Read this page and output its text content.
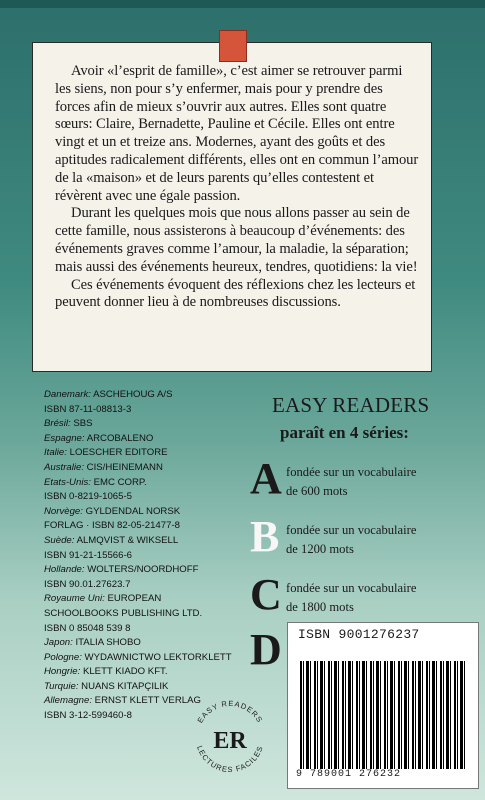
Avoir «l’esprit de famille», c’est aimer se retrouver parmi les siens, non pour s’y enfermer, mais pour y prendre des forces afin de mieux s’ouvrir aux autres. Elles sont quatre sœurs: Claire, Bernadette, Pauline et Cécile. Elles ont entre vingt et un et treize ans. Modernes, ayant des goûts et des aptitudes radicalement différents, elles ont en commun l’amour de la «maison» et de leurs parents qu’elles contestent et révèrent avec une égale passion.

Durant les quelques mois que nous allons passer au sein de cette famille, nous assisterons à beaucoup d’événements: des événements graves comme l’amour, la maladie, la séparation; mais aussi des événements heureux, tendres, quotidiens: la vie!

Ces événements évoquent des réflexions chez les lecteurs et peuvent donner lieu à de nombreuses discussions.

Danemark: ASCHEHOUG A/S
ISBN 87-11-08813-3
Brésil: SBS
Espagne: ARCOBALENO
Italie: LOESCHER EDITORE
Australie: CIS/HEINEMANN
Etats-Unis: EMC CORP.
ISBN 0-8219-1065-5
Norvège: GYLDENDAL NORSK
FORLAG · ISBN 82-05-21477-8
Suède: ALMQVIST & WIKSELL
ISBN 91-21-15566-6
Hollande: WOLTERS/NOORDHOFF
ISBN 90.01.27623.7
Royaume Uni: EUROPEAN
SCHOOLBOOKS PUBLISHING LTD.
ISBN 0 85048 539 8
Japon: ITALIA SHOBO
Pologne: WYDAWNICTWO LEKTORKLETT
Hongrie: KLETT KIADO KFT.
Turquie: NUANS KITAPÇILIK
Allemagne: ERNST KLETT VERLAG
ISBN 3-12-599460-8
EASY READERS
paraît en 4 séries:
A fondée sur un vocabulaire
de 600 mots
B fondée sur un vocabulaire
de 1200 mots
C fondée sur un vocabulaire
de 1800 mots
D
EASY READERS
LECTURES FACILES
ER
ISBN 9001276237
9 789001 276232
